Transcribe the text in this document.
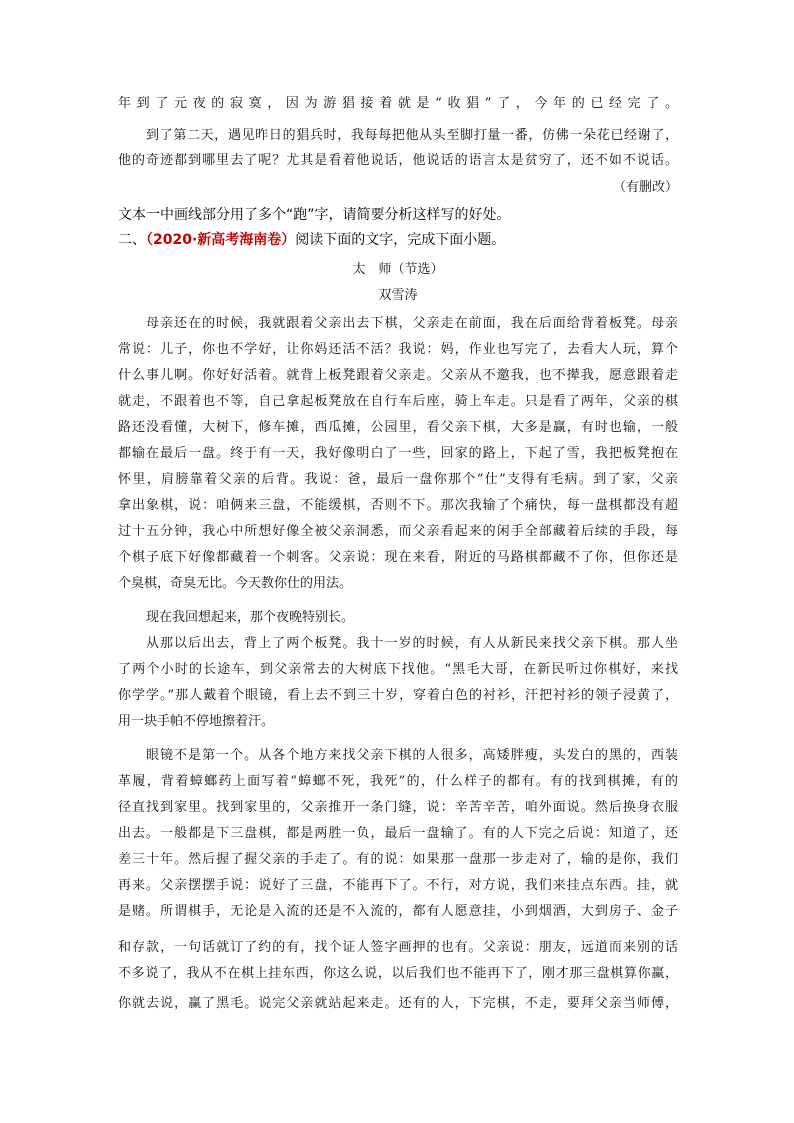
年到了元夜的寂寞，因为游猖接着就是“收猖”了，今年的已经完了。
到了第二天，遇见昨日的猖兵时，我每每把他从头至脚打量一番，仿佛一朵花已经谢了，
他的奇迹都到哪里去了呢？尤其是看着他说话，他说话的语言太是贫穷了，还不如不说话。
（有删改）
文本一中画线部分用了多个“跑”字，请简要分析这样写的好处。
二、（2020·新高考海南卷）阅读下面的文字，完成下面小题。
太　师（节选）
双雪涛
母亲还在的时候，我就跟着父亲出去下棋，父亲走在前面，我在后面给背着板凳。母亲
常说：儿子，你也不学好，让你妈还活不活？我说：妈，作业也写完了，去看大人玩，算个
什么事儿啊。你好好活着。就背上板凳跟着父亲走。父亲从不邀我，也不撵我，愿意跟着走
就走，不跟着也不等，自己拿起板凳放在自行车后座，骑上车走。只是看了两年，父亲的棋
路还没看懂，大树下，修车摊，西瓜摊，公园里，看父亲下棋，大多是赢，有时也输，一般
都输在最后一盘。终于有一天，我好像明白了一些，回家的路上，下起了雪，我把板凳抱在
怀里，肩膀靠着父亲的后背。我说：爸，最后一盘你那个“仕”支得有毛病。到了家，父亲
拿出象棋，说：咱俩来三盘，不能缓棋，否则不下。那次我输了个痛快，每一盘棋都没有超
过十五分钟，我心中所想好像全被父亲洞悉，而父亲看起来的闲手全部藏着后续的手段，每
个棋子底下好像都藏着一个刺客。父亲说：现在来看，附近的马路棋都藏不了你，但你还是
个臭棋，奇臭无比。今天教你仕的用法。
现在我回想起来，那个夜晚特别长。
从那以后出去，背上了两个板凳。我十一岁的时候，有人从新民来找父亲下棋。那人坐
了两个小时的长途车，到父亲常去的大树底下找他。“黑毛大哥，在新民听过你棋好，来找
你学学。”那人戴着个眼镜，看上去不到三十岁，穿着白色的衬衫，汗把衬衫的领子浸黄了，
用一块手帕不停地擦着汗。
眼镜不是第一个。从各个地方来找父亲下棋的人很多，高矮胖瘦，头发白的黑的，西装
革履，背着蟑螂药上面写着“蟑螂不死，我死”的，什么样子的都有。有的找到棋摊，有的
径直找到家里。找到家里的，父亲推开一条门缝，说：辛苦辛苦，咱外面说。然后换身衣服
出去。一般都是下三盘棋，都是两胜一负，最后一盘输了。有的人下完之后说：知道了，还
差三十年。然后握了握父亲的手走了。有的说：如果那一盘那一步走对了，输的是你，我们
再来。父亲摆摆手说：说好了三盘，不能再下了。不行，对方说，我们来挂点东西。挂，就
是赌。所谓棋手，无论是入流的还是不入流的，都有人愿意挂，小到烟酒，大到房子、金子
和存款，一句话就订了约的有，找个证人签字画押的也有。父亲说：朋友，远道而来别的话
不多说了，我从不在棋上挂东西，你这么说，以后我们也不能再下了，刚才那三盘棋算你赢，
你就去说，赢了黑毛。说完父亲就站起来走。还有的人，下完棋，不走，要拜父亲当师傅，
